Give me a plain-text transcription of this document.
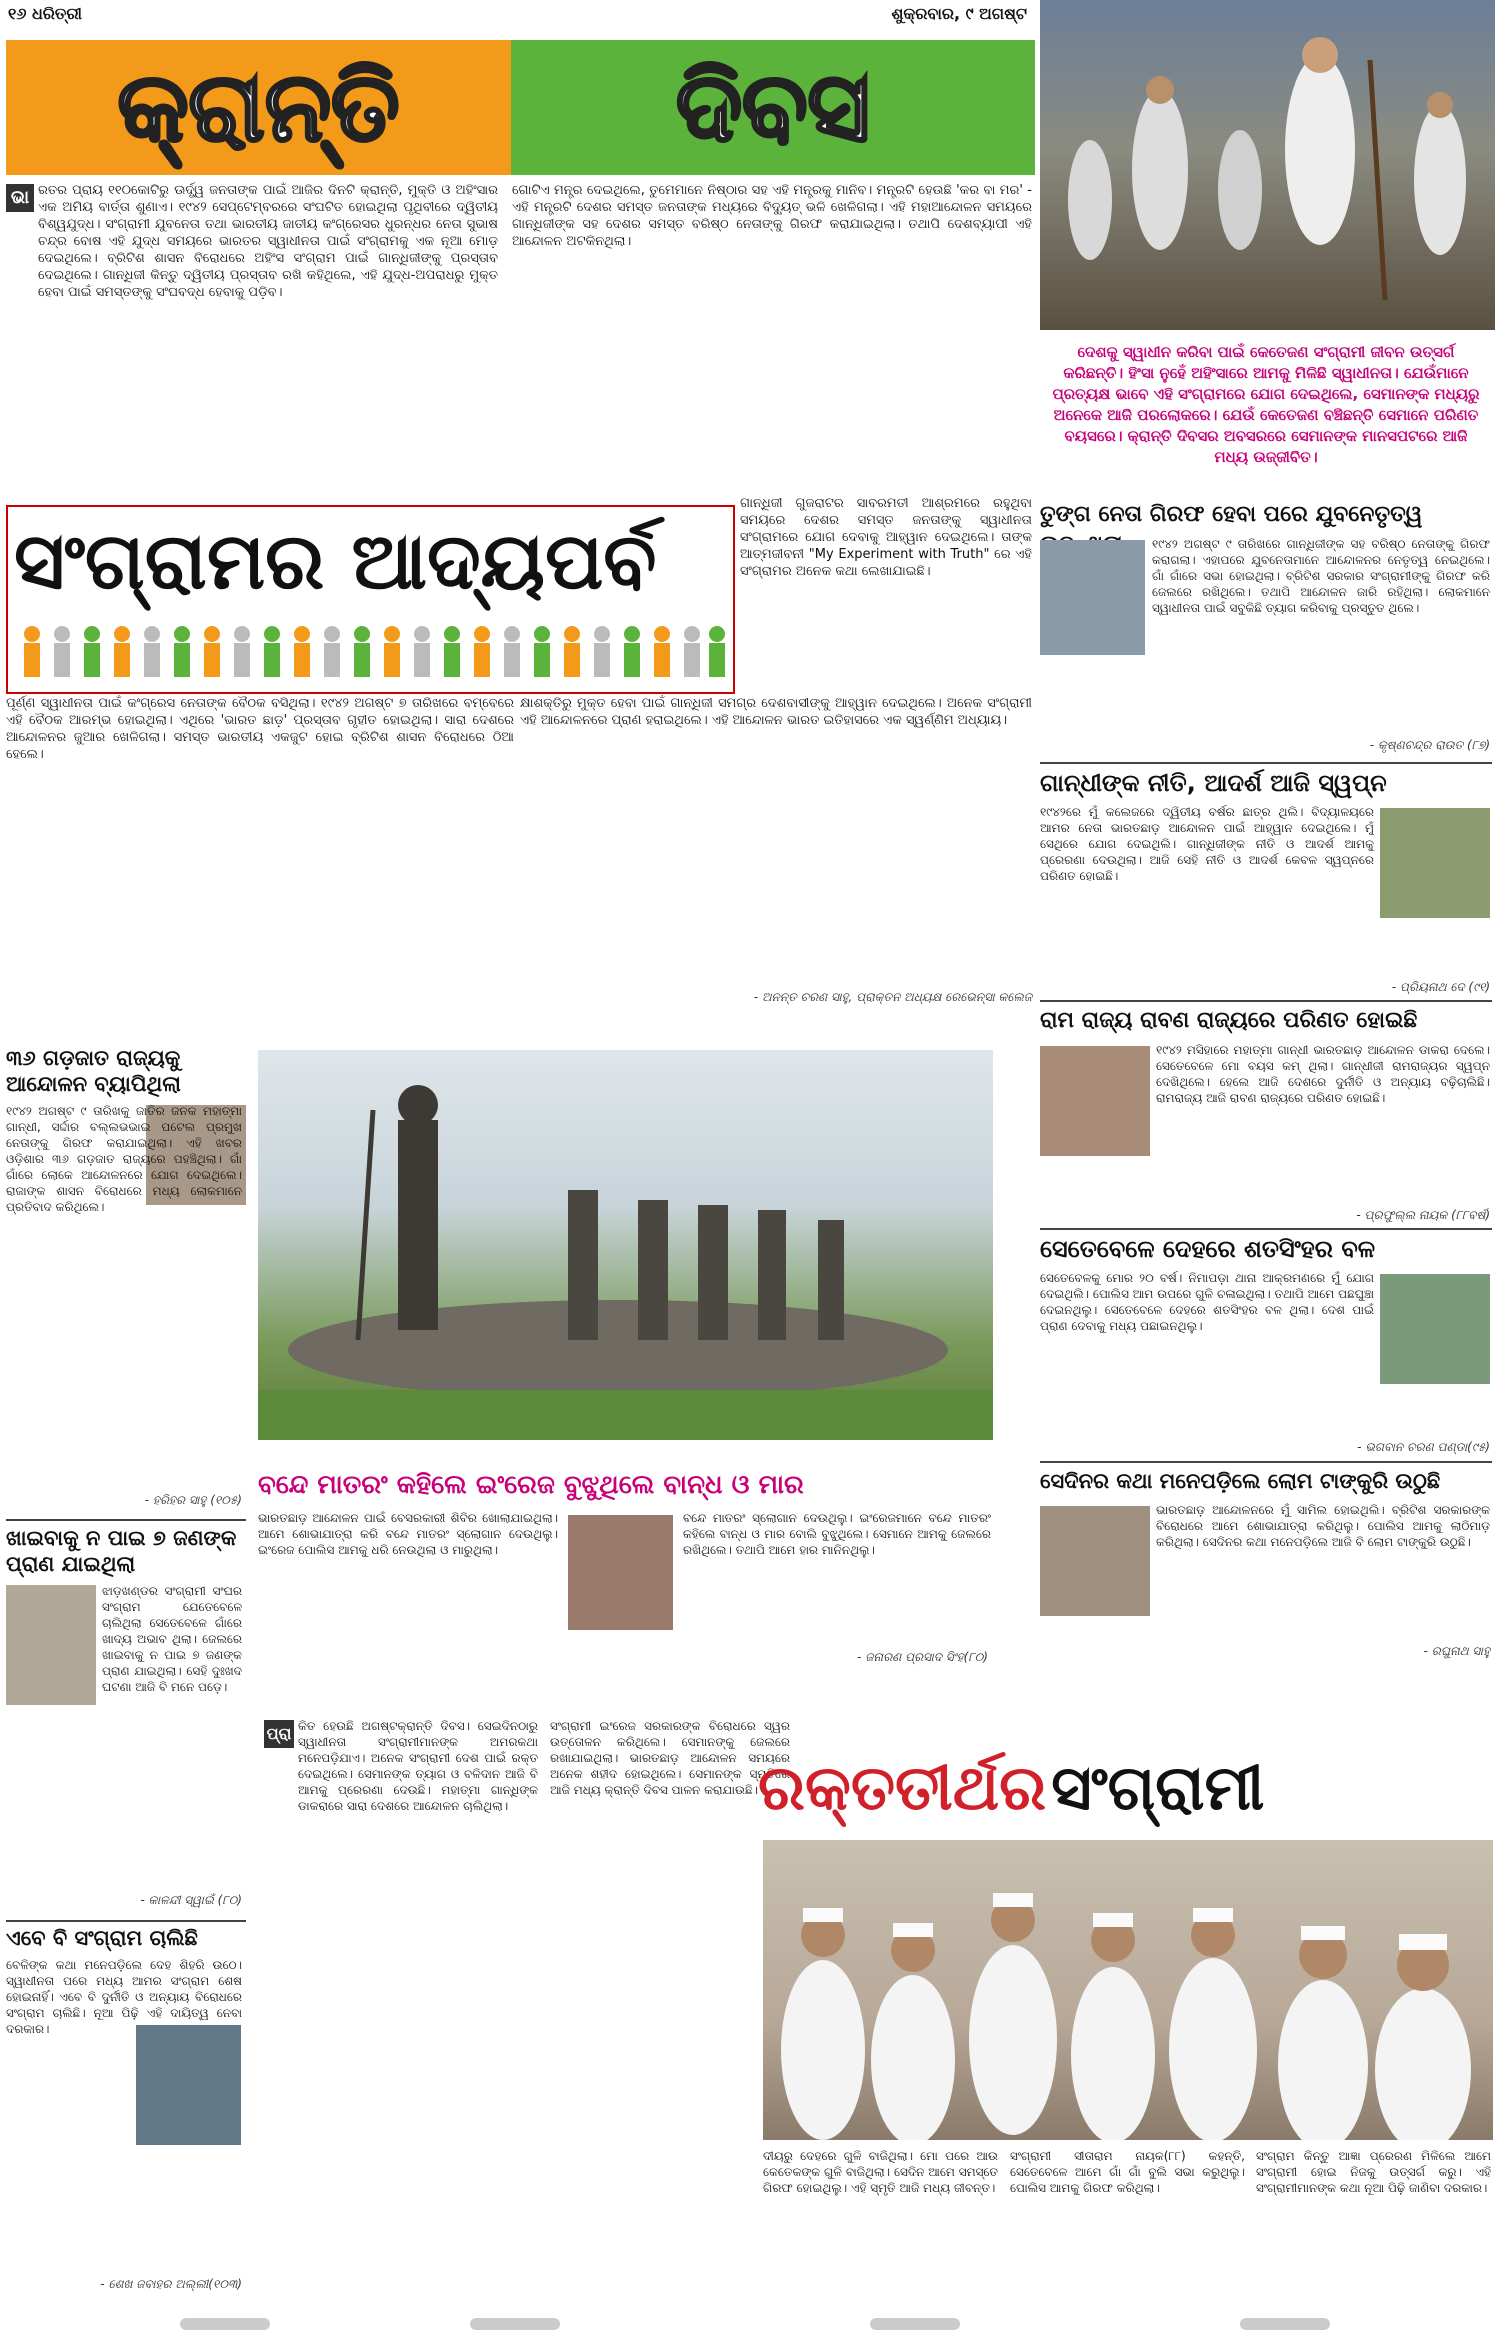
୧୬ ଧରିତ୍ରୀ	ଶୁକ୍ରବାର, ୯ ଅଗଷ୍ଟ
କ୍ରାନ୍ତି	ଦିବସ
ଭା ରତର ପ୍ରାୟ ୧୧୦କୋଟିରୁ ଊର୍ଦ୍ଧ୍ୱ ଜନତାଙ୍କ ପାଇଁ ଆଜିର ଦିନଟି କ୍ରାନ୍ତି, ମୁକ୍ତି ଓ ଅହିଂସାର ଏକ ଅମିୟ ବାର୍ତ୍ତା ଶୁଣାଏ। ୧୯୪୨ ସେପ୍ଟେମ୍ବରରେ ସଂଘଟିତ ହୋଇଥିଲା ପୃଥିବୀରେ ଦ୍ୱିତୀୟ ବିଶ୍ୱଯୁଦ୍ଧ। ସଂଗ୍ରାମୀ ଯୁବନେତା ତଥା ଭାରତୀୟ ଜାତୀୟ କଂଗ୍ରେସର ଧୁରନ୍ଧର ନେତା ସୁଭାଷ ଚନ୍ଦ୍ର ବୋଷ ଏହି ଯୁଦ୍ଧ ସମୟରେ ଭାରତର ସ୍ୱାଧୀନତା ପାଇଁ ସଂଗ୍ରାମକୁ ଏକ ନୂଆ ମୋଡ଼ ଦେଇଥିଲେ। ବ୍ରିଟିଶ ଶାସନ ବିରୋଧରେ ଅହିଂସ ସଂଗ୍ରାମ ପାଇଁ ଗାନ୍ଧିଜୀଙ୍କୁ ପ୍ରସ୍ତାବ ଦେଇଥିଲେ। ଗାନ୍ଧିଜୀ କିନ୍ତୁ ଦ୍ୱିତୀୟ ପ୍ରସ୍ତାବ ରଖି କହିଥିଲେ, ଏହି ଯୁଦ୍ଧ-ଅପରାଧରୁ ମୁକ୍ତ ହେବା ପାଇଁ ସମସ୍ତଙ୍କୁ ସଂଘବଦ୍ଧ ହେବାକୁ ପଡ଼ିବ।
ଗୋଟିଏ ମନ୍ତ୍ର ଦେଇଥିଲେ, ତୁମେମାନେ ନିଷ୍ଠାର ସହ ଏହି ମନ୍ତ୍ରକୁ ମାନିବ। ମନ୍ତ୍ରଟି ହେଉଛି 'କର ବା ମର' - ଏହି ମନ୍ତ୍ରଟି ଦେଶର ସମସ୍ତ ଜନତାଙ୍କ ମଧ୍ୟରେ ବିଦ୍ୟୁତ୍ ଭଳି ଖେଳିଗଲା। ଏହି ମହାଆନ୍ଦୋଳନ ସମୟରେ ଗାନ୍ଧିଜୀଙ୍କ ସହ ଦେଶର ସମସ୍ତ ବରିଷ୍ଠ ନେତାଙ୍କୁ ଗିରଫ କରାଯାଇଥିଲା। ତଥାପି ଦେଶବ୍ୟାପୀ ଏହି ଆନ୍ଦୋଳନ ଅଟକିନଥିଲା।
ଦେଶକୁ ସ୍ୱାଧୀନ କରିବା ପାଇଁ କେତେଜଣ ସଂଗ୍ରାମୀ ଜୀବନ ଉତ୍ସର୍ଗ କରିଛନ୍ତି। ହିଂସା ନୁହେଁ ଅହିଂସାରେ ଆମକୁ ମିଳିଛି ସ୍ୱାଧୀନତା। ଯେଉଁମାନେ ପ୍ରତ୍ୟକ୍ଷ ଭାବେ ଏହି ସଂଗ୍ରାମରେ ଯୋଗ ଦେଇଥିଲେ, ସେମାନଙ୍କ ମଧ୍ୟରୁ ଅନେକେ ଆଜି ପରଲୋକରେ। ଯେଉଁ କେତେଜଣ ବଞ୍ଚିଛନ୍ତି ସେମାନେ ପରିଣତ ବୟସରେ। କ୍ରାନ୍ତି ଦିବସର ଅବସରରେ ସେମାନଙ୍କ ମାନସପଟରେ ଆଜି ମଧ୍ୟ ଉଜ୍ଜୀବିତ।
ସଂଗ୍ରାମର ଆଦ୍ୟପର୍ବ
ଗାନ୍ଧିଜୀ ଗୁଜରାଟର ସାବରମତୀ ଆଶ୍ରମରେ ରହୁଥିବା ସମୟରେ ଦେଶର ସମସ୍ତ ଜନତାଙ୍କୁ ସ୍ୱାଧୀନତା ସଂଗ୍ରାମରେ ଯୋଗ ଦେବାକୁ ଆହ୍ୱାନ ଦେଇଥିଲେ। ତାଙ୍କ ଆତ୍ମଜୀବନୀ "My Experiment with Truth" ରେ ଏହି ସଂଗ୍ରାମର ଅନେକ କଥା ଲେଖାଯାଇଛି।
ପୂର୍ଣ୍ଣ ସ୍ୱାଧୀନତା ପାଇଁ କଂଗ୍ରେସ ନେତାଙ୍କ ବୈଠକ ବସିଥିଲା। ୧୯୪୨ ଅଗଷ୍ଟ ୭ ତାରିଖରେ ବମ୍ବେରେ ଏହି ବୈଠକ ଆରମ୍ଭ ହୋଇଥିଲା। ଏଥିରେ 'ଭାରତ ଛାଡ଼' ପ୍ରସ୍ତାବ ଗୃହୀତ ହୋଇଥିଲା। ସାରା ଦେଶରେ ଆନ୍ଦୋଳନର ଜୁଆର ଖେଳିଗଲା। ସମସ୍ତ ଭାରତୀୟ ଏକଜୁଟ ହୋଇ ବ୍ରିଟିଶ ଶାସନ ବିରୋଧରେ ଠିଆ ହେଲେ।
କ୍ଷାଶକ୍ତିରୁ ମୁକ୍ତ ହେବା ପାଇଁ ଗାନ୍ଧିଜୀ ସମଗ୍ର ଦେଶବାସୀଙ୍କୁ ଆହ୍ୱାନ ଦେଇଥିଲେ। ଅନେକ ସଂଗ୍ରାମୀ ଏହି ଆନ୍ଦୋଳନରେ ପ୍ରାଣ ହରାଇଥିଲେ। ଏହି ଆନ୍ଦୋଳନ ଭାରତ ଇତିହାସରେ ଏକ ସ୍ୱର୍ଣ୍ଣିମ ଅଧ୍ୟାୟ।
- ଅନନ୍ତ ଚରଣ ସାହୁ, ପ୍ରାକ୍ତନ ଅଧ୍ୟକ୍ଷ ରେଭେନ୍ସା କଲେଜ
ତୁଙ୍ଗ ନେତା ଗିରଫ ହେବା ପରେ ଯୁବନେତୃତ୍ୱ
୧୯୪୨ ଅଗଷ୍ଟ ୯ ତାରିଖରେ ଗାନ୍ଧିଜୀଙ୍କ ସହ ବରିଷ୍ଠ ନେତାଙ୍କୁ ଗିରଫ କରାଗଲା। ଏହାପରେ ଯୁବନେତାମାନେ ଆନ୍ଦୋଳନର ନେତୃତ୍ୱ ନେଇଥିଲେ। ଗାଁ ଗାଁରେ ସଭା ହୋଇଥିଲା। ବ୍ରିଟିଶ ସରକାର ସଂଗ୍ରାମୀଙ୍କୁ ଗିରଫ କରି ଜେଲରେ ରଖିଥିଲେ। ତଥାପି ଆନ୍ଦୋଳନ ଜାରି ରହିଥିଲା। ଲୋକମାନେ ସ୍ୱାଧୀନତା ପାଇଁ ସବୁକିଛି ତ୍ୟାଗ କରିବାକୁ ପ୍ରସ୍ତୁତ ଥିଲେ।
- କୃଷ୍ଣଚନ୍ଦ୍ର ରାଉତ (୮୭)
ଗାନ୍ଧୀଙ୍କ ନୀତି, ଆଦର୍ଶ ଆଜି ସ୍ୱପ୍ନ
୧୯୪୨ରେ ମୁଁ କଲେଜରେ ଦ୍ୱିତୀୟ ବର୍ଷର ଛାତ୍ର ଥିଲି। ବିଦ୍ୟାଳୟରେ ଆମର ନେତା ଭାରତଛାଡ଼ ଆନ୍ଦୋଳନ ପାଇଁ ଆହ୍ୱାନ ଦେଇଥିଲେ। ମୁଁ ସେଥିରେ ଯୋଗ ଦେଇଥିଲି। ଗାନ୍ଧିଜୀଙ୍କ ନୀତି ଓ ଆଦର୍ଶ ଆମକୁ ପ୍ରେରଣା ଦେଉଥିଲା। ଆଜି ସେହି ନୀତି ଓ ଆଦର୍ଶ କେବଳ ସ୍ୱପ୍ନରେ ପରିଣତ ହୋଇଛି।
- ପ୍ରିୟନାଥ ଦେ (୯୧)
ରାମ ରାଜ୍ୟ ରାବଣ ରାଜ୍ୟରେ ପରିଣତ ହୋଇଛି
୧୯୪୨ ମସିହାରେ ମହାତ୍ମା ଗାନ୍ଧୀ ଭାରତଛାଡ଼ ଆନ୍ଦୋଳନ ଡାକରା ଦେଲେ। ସେତେବେଳେ ମୋ ବୟସ କମ୍ ଥିଲା। ଗାନ୍ଧୀଜୀ ରାମରାଜ୍ୟର ସ୍ୱପ୍ନ ଦେଖିଥିଲେ। ହେଲେ ଆଜି ଦେଶରେ ଦୁର୍ନୀତି ଓ ଅନ୍ୟାୟ ବଢ଼ିଚାଲିଛି। ରାମରାଜ୍ୟ ଆଜି ରାବଣ ରାଜ୍ୟରେ ପରିଣତ ହୋଇଛି।
- ପ୍ରଫୁଲ୍ଲ ନାୟକ (୮୮ବର୍ଷ)
ସେତେବେଳେ ଦେହରେ ଶତସିଂହର ବଳ
ସେତେବେଳକୁ ମୋର ୨୦ ବର୍ଷ। ନିମାପଡ଼ା ଥାନା ଆକ୍ରମଣରେ ମୁଁ ଯୋଗ ଦେଇଥିଲି। ପୋଲିସ ଆମ ଉପରେ ଗୁଳି ଚଳାଇଥିଲା। ତଥାପି ଆମେ ପଛଘୁଞ୍ଚା ଦେଇନଥିଲୁ। ସେତେବେଳେ ଦେହରେ ଶତସିଂହର ବଳ ଥିଲା। ଦେଶ ପାଇଁ ପ୍ରାଣ ଦେବାକୁ ମଧ୍ୟ ପଛାଇନଥିଲୁ।
- ଭଗବାନ ଚରଣ ପଣ୍ଡା(୯୫)
ସେଦିନର କଥା ମନେପଡ଼ିଲେ ଲୋମ ଟାଙ୍କୁରି ଉଠୁଛି
ଭାରତଛାଡ଼ ଆନ୍ଦୋଳନରେ ମୁଁ ସାମିଲ ହୋଇଥିଲି। ବ୍ରିଟିଶ ସରକାରଙ୍କ ବିରୋଧରେ ଆମେ ଶୋଭାଯାତ୍ରା କରିଥିଲୁ। ପୋଲିସ ଆମକୁ ଲାଠିମାଡ଼ କରିଥିଲା। ସେଦିନର କଥା ମନେପଡ଼ିଲେ ଆଜି ବି ଲୋମ ଟାଙ୍କୁରି ଉଠୁଛି।
- ରଘୁନାଥ ସାହୁ
୩୬ ଗଡ଼ଜାତ ରାଜ୍ୟକୁ ଆନ୍ଦୋଳନ ବ୍ୟାପିଥିଲା
୧୯୪୨ ଅଗଷ୍ଟ ୯ ତାରିଖକୁ ଜାତିର ଜନକ ମହାତ୍ମା ଗାନ୍ଧୀ, ସର୍ଦ୍ଦାର ବଲ୍ଲଭଭାଇ ପଟେଲ ପ୍ରମୁଖ ନେତାଙ୍କୁ ଗିରଫ କରାଯାଇଥିଲା। ଏହି ଖବର ଓଡ଼ିଶାର ୩୬ ଗଡ଼ଜାତ ରାଜ୍ୟରେ ପହଞ୍ଚିଥିଲା। ଗାଁ ଗାଁରେ ଲୋକେ ଆନ୍ଦୋଳନରେ ଯୋଗ ଦେଇଥିଲେ। ରାଜାଙ୍କ ଶାସନ ବିରୋଧରେ ମଧ୍ୟ ଲୋକମାନେ ପ୍ରତିବାଦ କରିଥିଲେ।
- ହରିହର ସାହୁ (୧୦୫)
ଖାଇବାକୁ ନ ପାଇ ୭ ଜଣଙ୍କ ପ୍ରାଣ ଯାଇଥିଲା
ଝାଡ଼ଖଣ୍ଡର ସଂଗ୍ରାମୀ ସଂଘର ସଂଗ୍ରାମ ଯେତେବେଳେ ଚାଲିଥିଲା ସେତେବେଳେ ଗାଁରେ ଖାଦ୍ୟ ଅଭାବ ଥିଲା। ଜେଲରେ ଖାଇବାକୁ ନ ପାଇ ୭ ଜଣଙ୍କ ପ୍ରାଣ ଯାଇଥିଲା। ସେହି ଦୁଃଖଦ ଘଟଣା ଆଜି ବି ମନେ ପଡ଼େ।
- କାଳନ୍ଦୀ ସ୍ୱାଇଁ (୮୦)
ଏବେ ବି ସଂଗ୍ରାମ ଚାଲିଛି
ବେଳିଙ୍କ କଥା ମନେପଡ଼ିଲେ ଦେହ ଶିହରି ଉଠେ। ସ୍ୱାଧୀନତା ପରେ ମଧ୍ୟ ଆମର ସଂଗ୍ରାମ ଶେଷ ହୋଇନାହିଁ। ଏବେ ବି ଦୁର୍ନୀତି ଓ ଅନ୍ୟାୟ ବିରୋଧରେ ସଂଗ୍ରାମ ଚାଲିଛି। ନୂଆ ପିଢ଼ି ଏହି ଦାୟିତ୍ୱ ନେବା ଦରକାର।
- ଶେଖ ଜବାହର ଅଲ୍ଲୀ(୧୦୩)
ବନ୍ଦେ ମାତରଂ କହିଲେ ଇଂରେଜ ବୁଝୁଥିଲେ ବାନ୍ଧ ଓ ମାର
ଭାରତଛାଡ଼ ଆନ୍ଦୋଳନ ପାଇଁ ବେସରକାରୀ ଶିବିର ଖୋଲାଯାଇଥିଲା। ଆମେ ଶୋଭାଯାତ୍ରା କରି ବନ୍ଦେ ମାତରଂ ସ୍ଲୋଗାନ ଦେଉଥିଲୁ। ଇଂରେଜ ପୋଲିସ ଆମକୁ ଧରି ନେଉଥିଲା ଓ ମାରୁଥିଲା।
ବନ୍ଦେ ମାତରଂ ସ୍ଲୋଗାନ ଦେଉଥିଲୁ। ଇଂରେଜମାନେ ବନ୍ଦେ ମାତରଂ କହିଲେ ବାନ୍ଧ ଓ ମାର ବୋଲି ବୁଝୁଥିଲେ। ସେମାନେ ଆମକୁ ଜେଲରେ ରଖିଥିଲେ। ତଥାପି ଆମେ ହାର ମାନିନଥିଲୁ।
- ଜନାରଣ ପ୍ରସାଦ ସିଂହ(୮୦)
ପ୍ରା କିତ ହେଉଛି ଅଗଷ୍ଟକ୍ରାନ୍ତି ଦିବସ। ସେଇଦିନଠାରୁ ସ୍ୱାଧୀନତା ସଂଗ୍ରାମୀମାନଙ୍କ ଅମରକଥା ମନେପଡ଼ିଯାଏ। ଅନେକ ସଂଗ୍ରାମୀ ଦେଶ ପାଇଁ ରକ୍ତ ଦେଇଥିଲେ। ସେମାନଙ୍କ ତ୍ୟାଗ ଓ ବଳିଦାନ ଆଜି ବି ଆମକୁ ପ୍ରେରଣା ଦେଉଛି। ମହାତ୍ମା ଗାନ୍ଧିଙ୍କ ଡାକରାରେ ସାରା ଦେଶରେ ଆନ୍ଦୋଳନ ଚାଲିଥିଲା।
ସଂଗ୍ରାମୀ ଇଂରେଜ ସରକାରଙ୍କ ବିରୋଧରେ ସ୍ୱର ଉତ୍ତୋଳନ କରିଥିଲେ। ସେମାନଙ୍କୁ ଜେଲରେ ରଖାଯାଇଥିଲା। ଭାରତଛାଡ଼ ଆନ୍ଦୋଳନ ସମୟରେ ଅନେକ ଶହୀଦ ହୋଇଥିଲେ। ସେମାନଙ୍କ ସ୍ମୃତିରେ ଆଜି ମଧ୍ୟ କ୍ରାନ୍ତି ଦିବସ ପାଳନ କରାଯାଉଛି। ରକ୍ତତୀର୍ଥର ସଂଗ୍ରାମୀ
ଦୀୟରୁ ଦେହରେ ଗୁଳି ବାଜିଥିଲା। ମୋ ପରେ ଆଉ କେତେକଙ୍କ ଗୁଳି ବାଜିଥିଲା। ସେଦିନ ଆମେ ସମସ୍ତେ ଗିରଫ ହୋଇଥିଲୁ। ଏହି ସ୍ମୃତି ଆଜି ମଧ୍ୟ ଜୀବନ୍ତ।
ସଂଗ୍ରାମୀ ସୀତାରାମ ନାୟକ(୮୮) କହନ୍ତି, ସେତେବେଳେ ଆମେ ଗାଁ ଗାଁ ବୁଲି ସଭା କରୁଥିଲୁ। ପୋଲିସ ଆମକୁ ଗିରଫ କରିଥିଲା।
ସଂଗ୍ରାମ କିନ୍ତୁ ଆଜ୍ଞା ପ୍ରେରଣ ମିଳିଲେ ଆମେ ସଂଗ୍ରାମୀ ହୋଇ ନିଜକୁ ଉତ୍ସର୍ଗ କରୁ। ଏହି ସଂଗ୍ରାମୀମାନଙ୍କ କଥା ନୂଆ ପିଢ଼ି ଜାଣିବା ଦରକାର।
